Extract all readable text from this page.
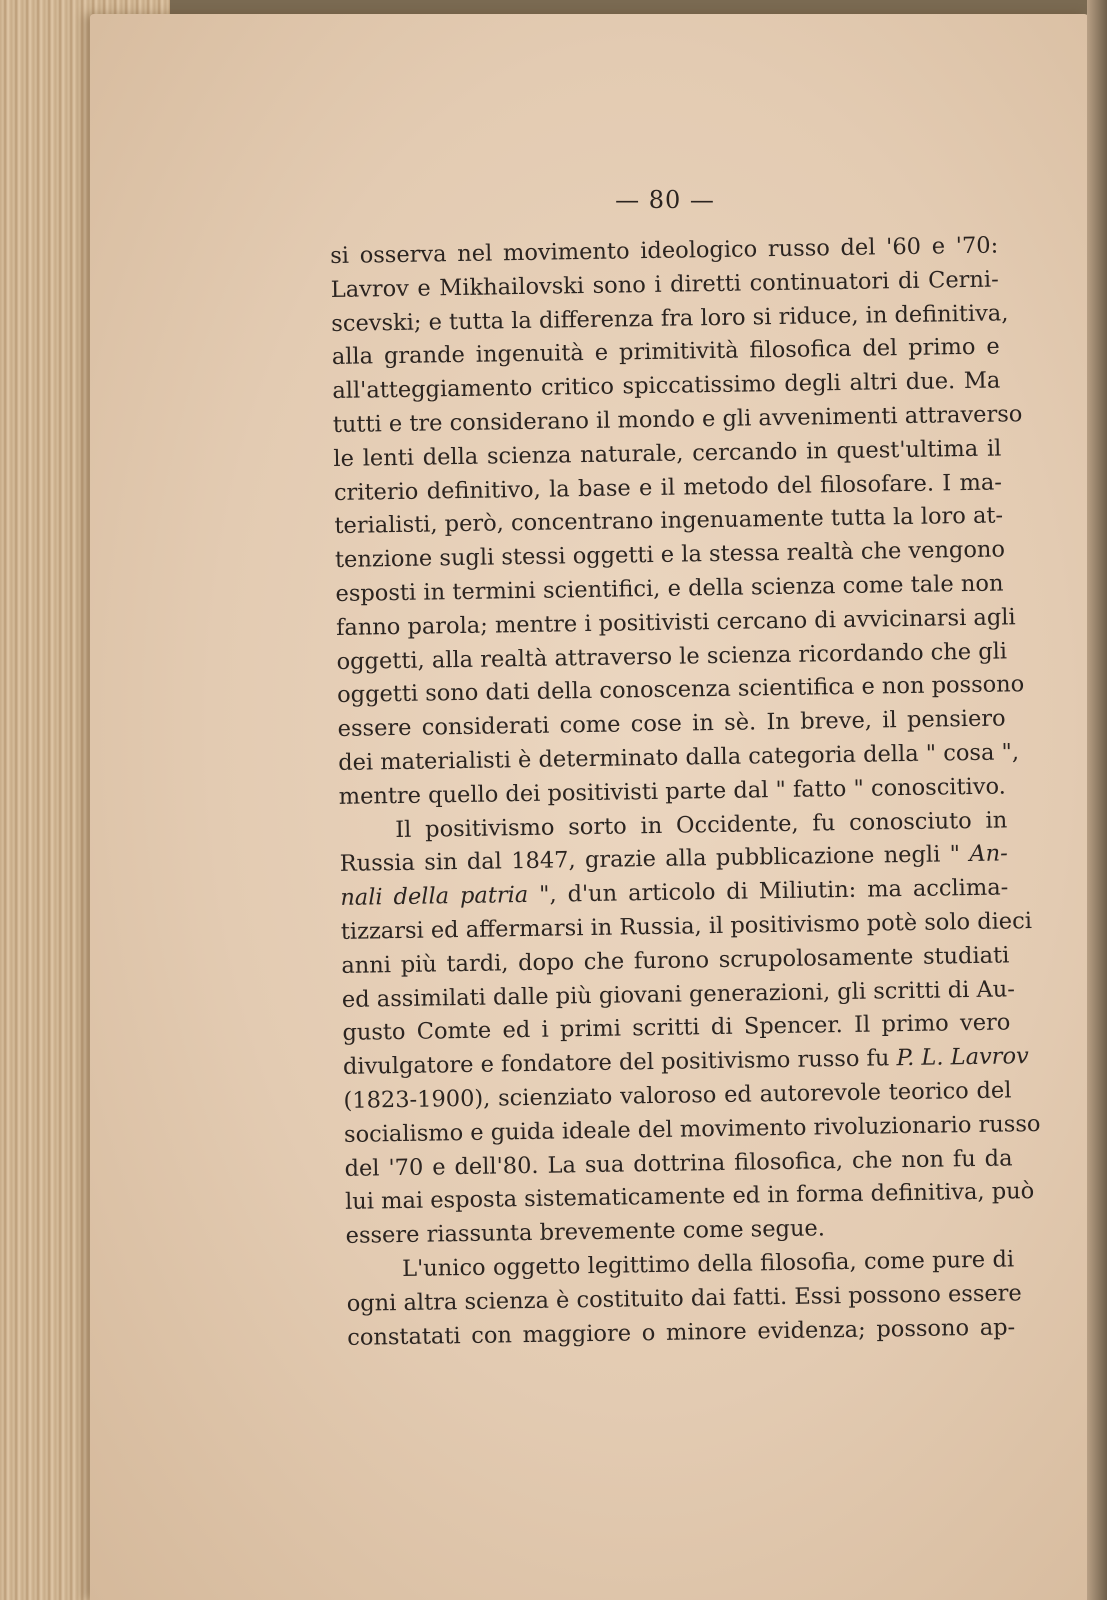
— 80 —
si osserva nel movimento ideologico russo del '60 e '70:
Lavrov e Mikhailovski sono i diretti continuatori di Cerni-
scevski; e tutta la differenza fra loro si riduce, in definitiva,
alla grande ingenuità e primitività filosofica del primo e
all'atteggiamento critico spiccatissimo degli altri due. Ma
tutti e tre considerano il mondo e gli avvenimenti attraverso
le lenti della scienza naturale, cercando in quest'ultima il
criterio definitivo, la base e il metodo del filosofare. I ma-
terialisti, però, concentrano ingenuamente tutta la loro at-
tenzione sugli stessi oggetti e la stessa realtà che vengono
esposti in termini scientifici, e della scienza come tale non
fanno parola; mentre i positivisti cercano di avvicinarsi agli
oggetti, alla realtà attraverso le scienza ricordando che gli
oggetti sono dati della conoscenza scientifica e non possono
essere considerati come cose in sè. In breve, il pensiero
dei materialisti è determinato dalla categoria della " cosa ",
mentre quello dei positivisti parte dal " fatto " conoscitivo.
Il positivismo sorto in Occidente, fu conosciuto in
Russia sin dal 1847, grazie alla pubblicazione negli " An-
nali della patria ", d'un articolo di Miliutin: ma acclima-
tizzarsi ed affermarsi in Russia, il positivismo potè solo dieci
anni più tardi, dopo che furono scrupolosamente studiati
ed assimilati dalle più giovani generazioni, gli scritti di Au-
gusto Comte ed i primi scritti di Spencer. Il primo vero
divulgatore e fondatore del positivismo russo fu P. L. Lavrov
(1823-1900), scienziato valoroso ed autorevole teorico del
socialismo e guida ideale del movimento rivoluzionario russo
del '70 e dell'80. La sua dottrina filosofica, che non fu da
lui mai esposta sistematicamente ed in forma definitiva, può
essere riassunta brevemente come segue.
L'unico oggetto legittimo della filosofia, come pure di
ogni altra scienza è costituito dai fatti. Essi possono essere
constatati con maggiore o minore evidenza; possono ap-
